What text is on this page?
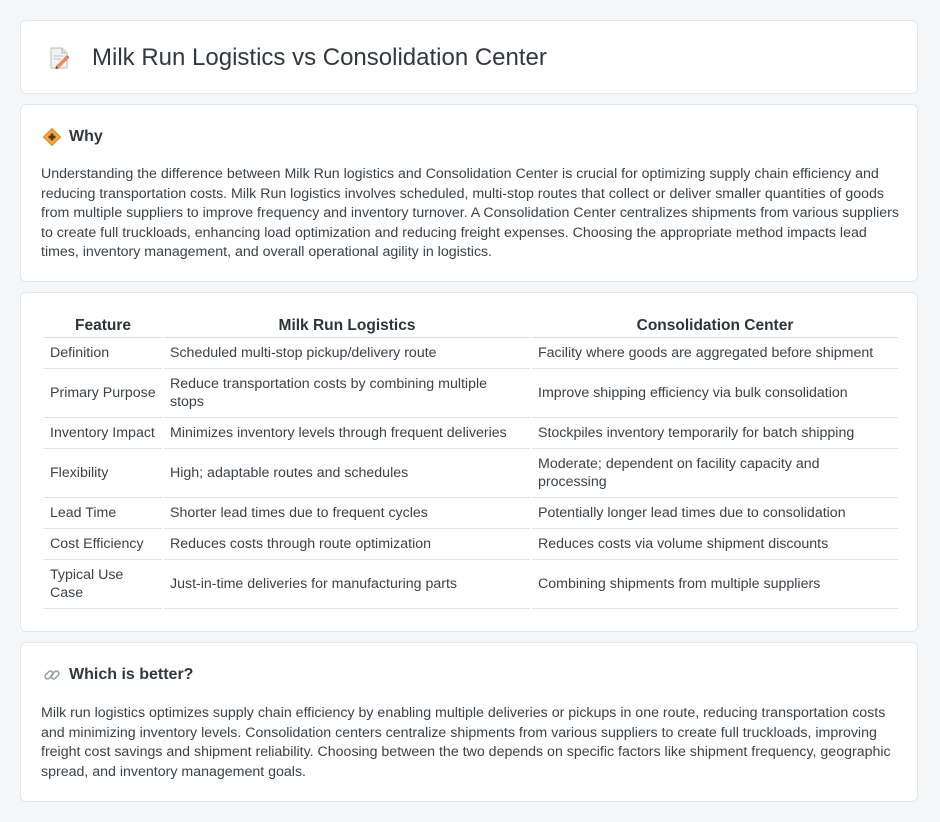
Milk Run Logistics vs Consolidation Center
Why

Understanding the difference between Milk Run logistics and Consolidation Center is crucial for optimizing supply chain efficiency and reducing transportation costs. Milk Run logistics involves scheduled, multi-stop routes that collect or deliver smaller quantities of goods from multiple suppliers to improve frequency and inventory turnover. A Consolidation Center centralizes shipments from various suppliers to create full truckloads, enhancing load optimization and reducing freight expenses. Choosing the appropriate method impacts lead times, inventory management, and overall operational agility in logistics.

Feature	Milk Run Logistics	Consolidation Center
Definition	Scheduled multi-stop pickup/delivery route	Facility where goods are aggregated before shipment
Primary Purpose	Reduce transportation costs by combining multiple stops	Improve shipping efficiency via bulk consolidation
Inventory Impact	Minimizes inventory levels through frequent deliveries	Stockpiles inventory temporarily for batch shipping
Flexibility	High; adaptable routes and schedules	Moderate; dependent on facility capacity and processing
Lead Time	Shorter lead times due to frequent cycles	Potentially longer lead times due to consolidation
Cost Efficiency	Reduces costs through route optimization	Reduces costs via volume shipment discounts
Typical Use Case	Just-in-time deliveries for manufacturing parts	Combining shipments from multiple suppliers
Which is better?

Milk run logistics optimizes supply chain efficiency by enabling multiple deliveries or pickups in one route, reducing transportation costs and minimizing inventory levels. Consolidation centers centralize shipments from various suppliers to create full truckloads, improving freight cost savings and shipment reliability. Choosing between the two depends on specific factors like shipment frequency, geographic spread, and inventory management goals.
